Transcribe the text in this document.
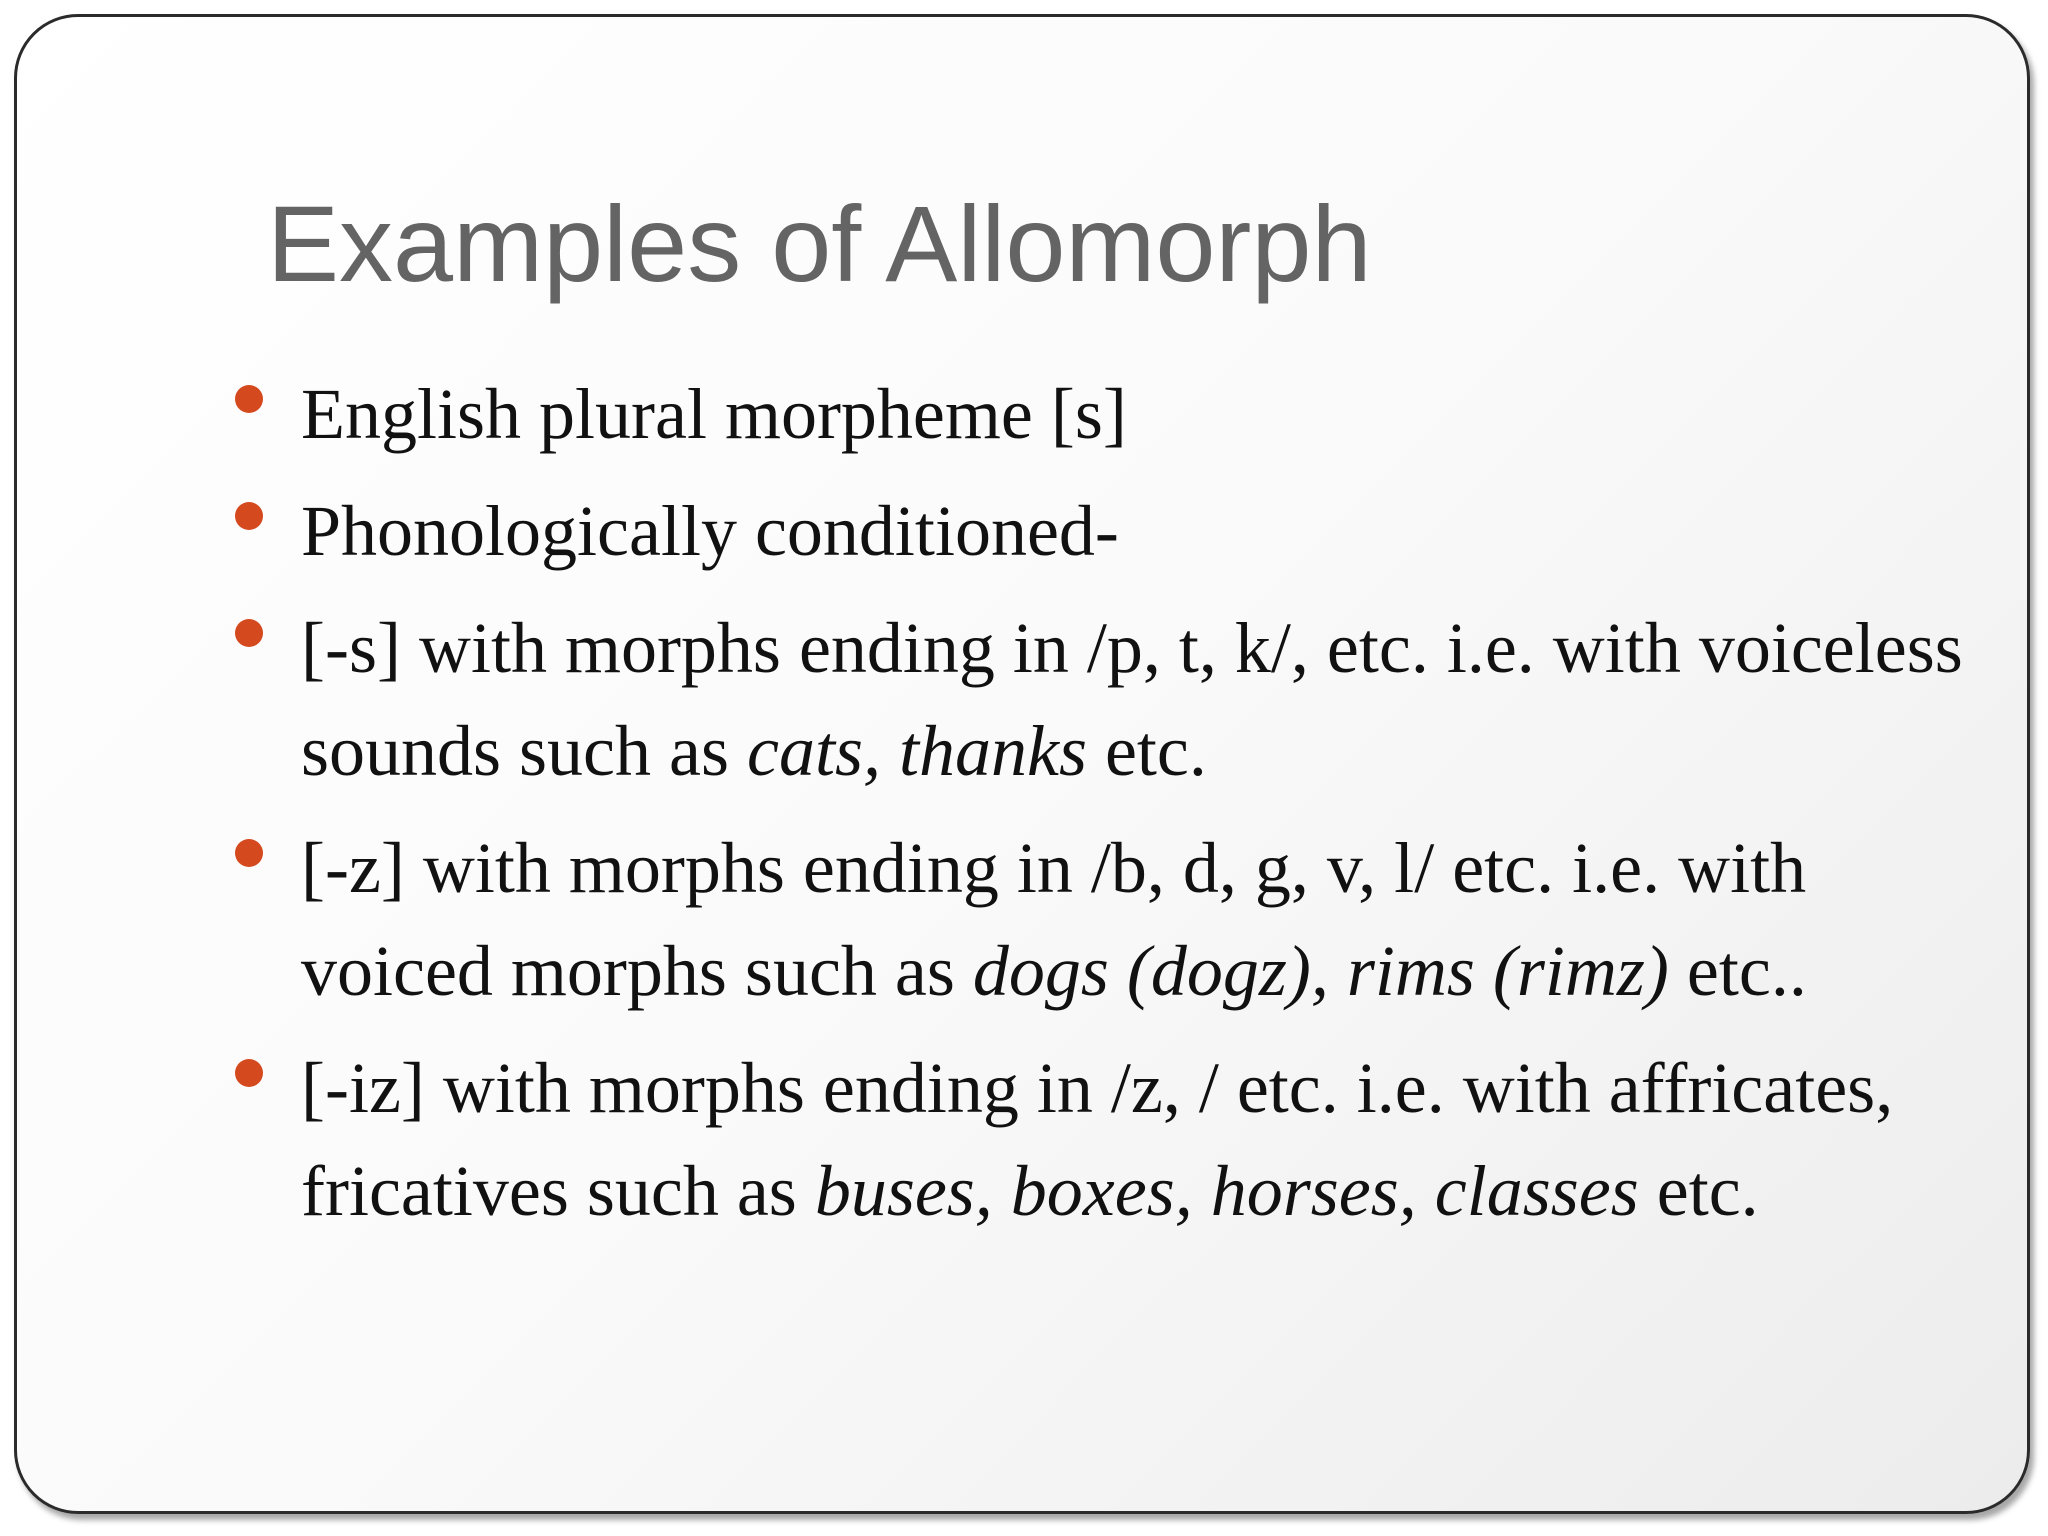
Examples of Allomorph
English plural morpheme [s]
Phonologically conditioned-
[-s] with morphs ending in /p, t, k/, etc. i.e. with voiceless sounds such as cats, thanks etc.
[-z] with morphs ending in /b, d, g, v, l/ etc. i.e. with voiced morphs such as dogs (dogz), rims (rimz) etc..
[-iz] with morphs ending in /z, / etc. i.e. with affricates, fricatives such as buses, boxes, horses, classes etc.
